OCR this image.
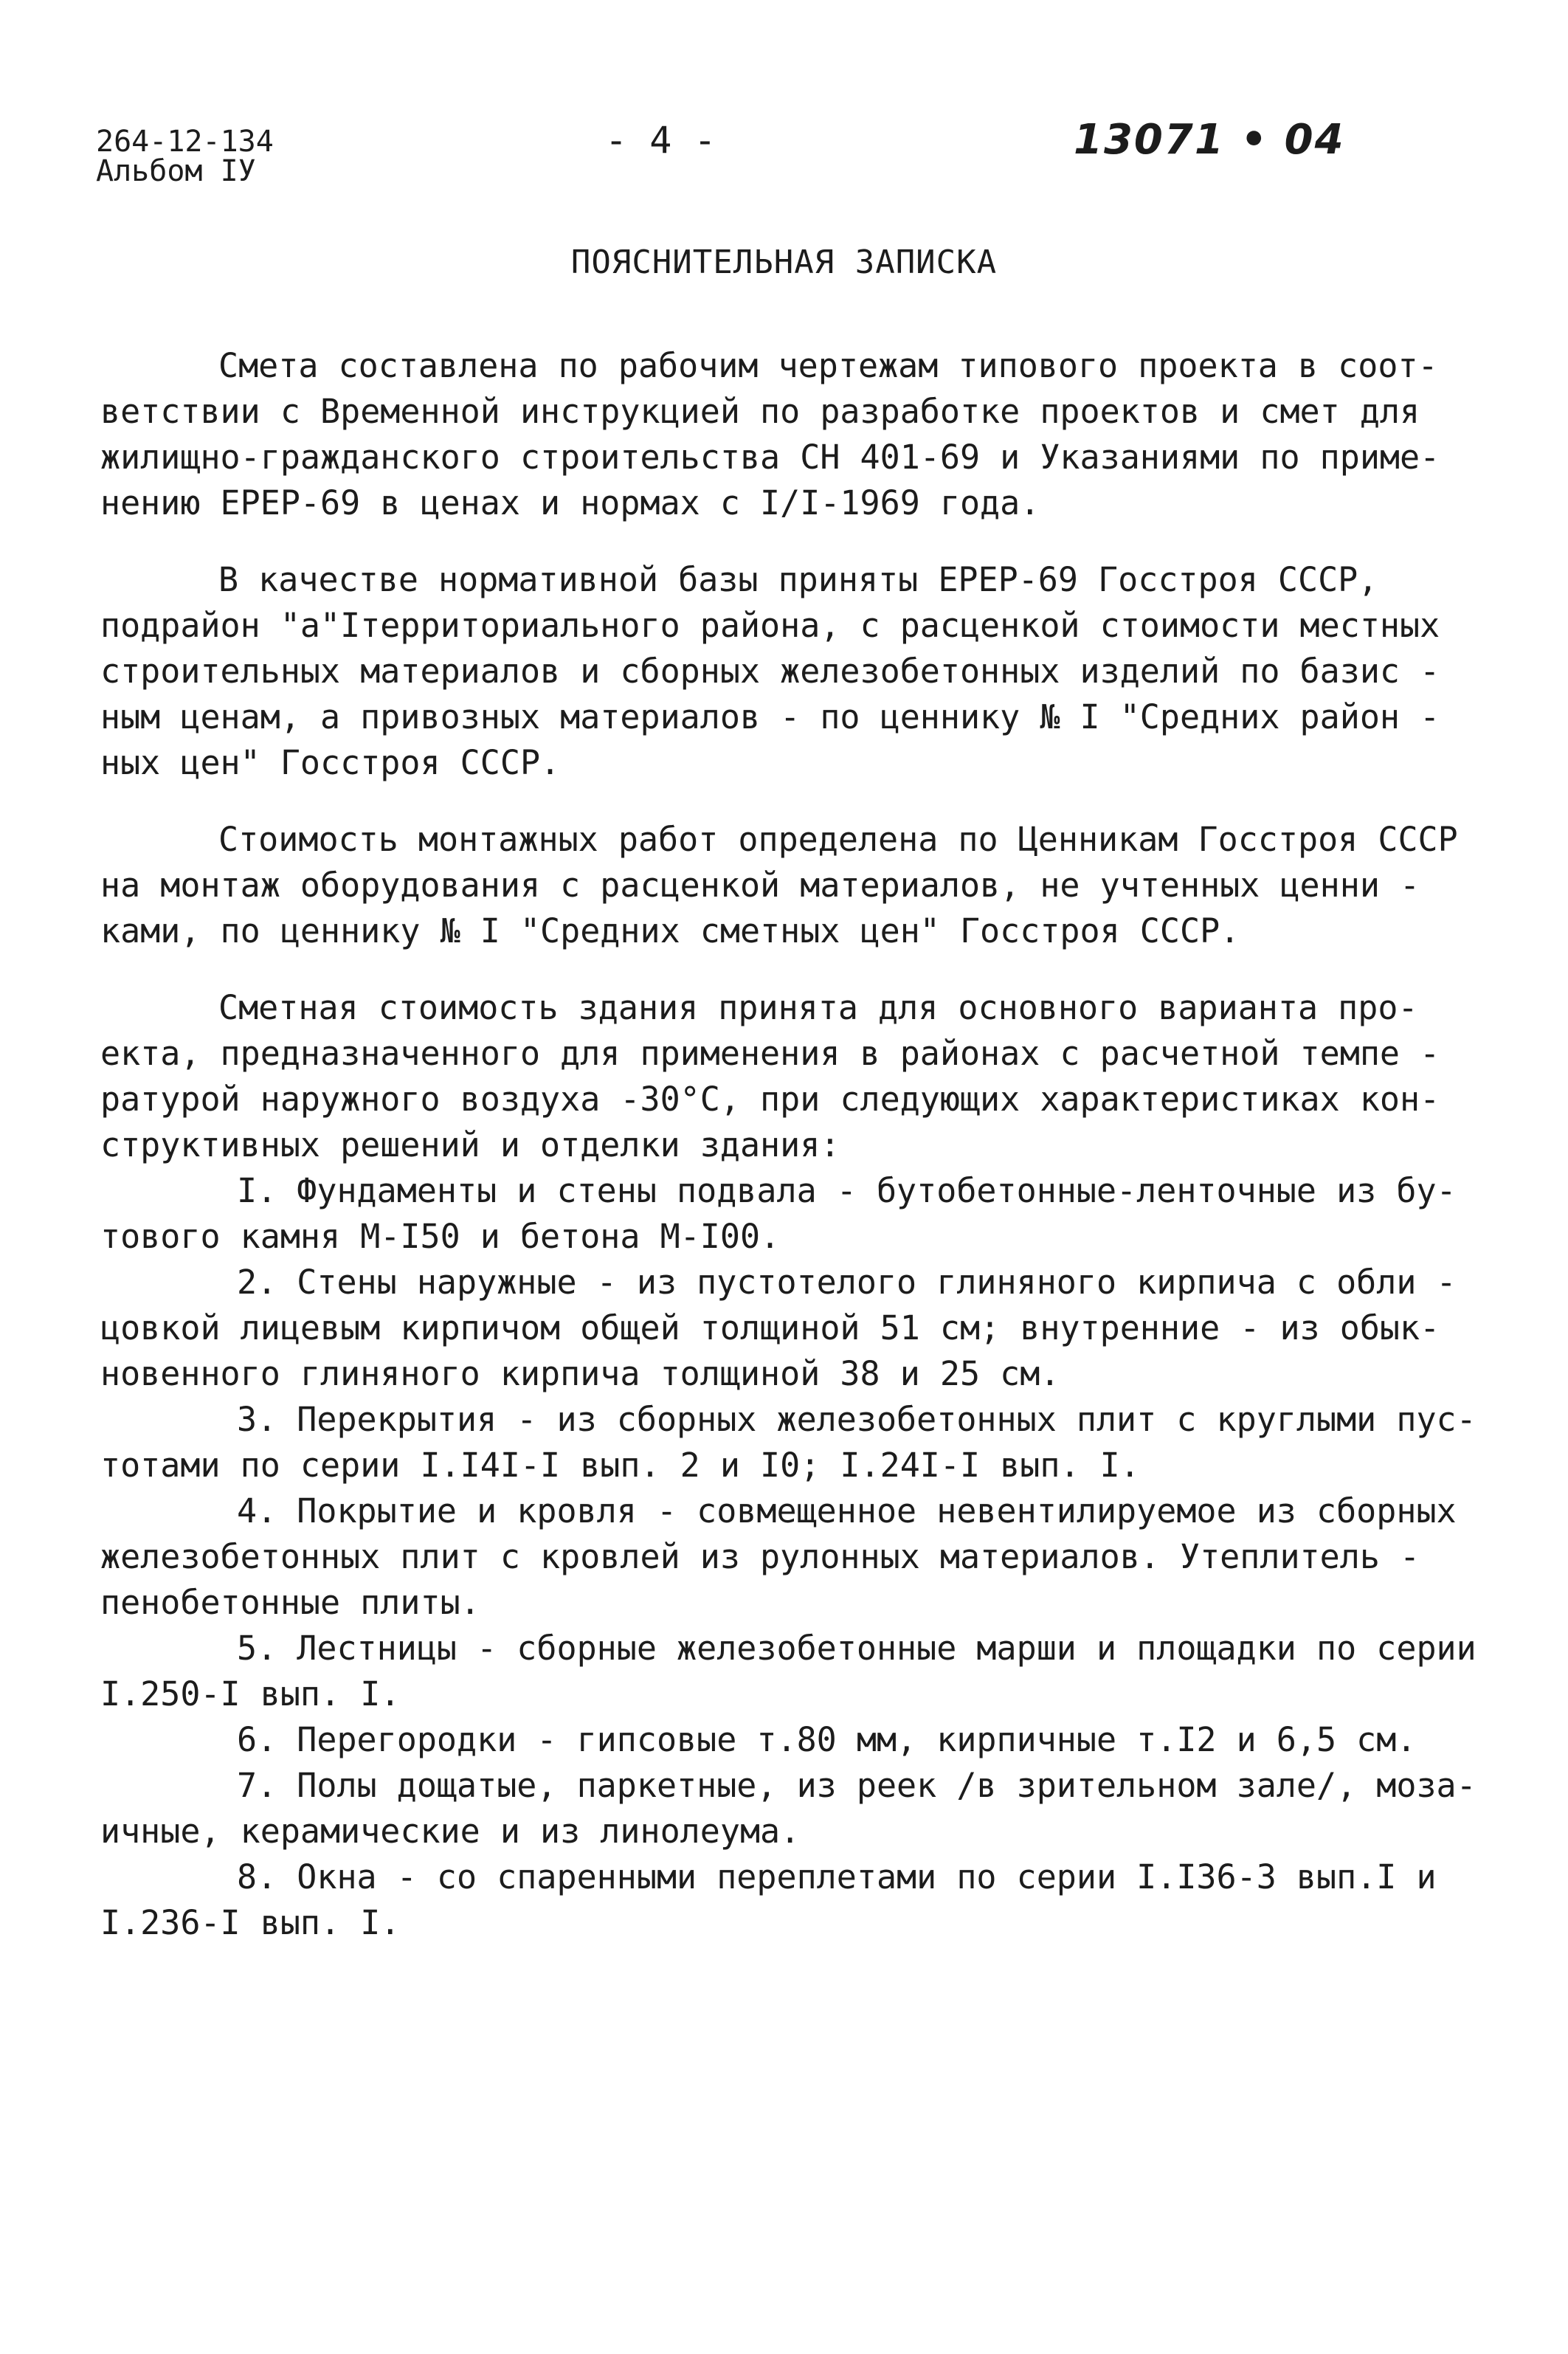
264-12-134
Альбом IУ
- 4 -	13071 • 04
ПОЯСНИТЕЛЬНАЯ ЗАПИСКА
Смета составлена по рабочим чертежам типового проекта в соот-
ветствии с Временной инструкцией по разработке проектов и смет для
жилищно-гражданского строительства СН 401-69 и Указаниями по приме-
нению ЕРЕР-69 в ценах и нормах с I/I-1969 года.
В качестве нормативной базы приняты ЕРЕР-69 Госстроя СССР,
подрайон "а"Iтерриториального района, с расценкой стоимости местных
строительных материалов и сборных железобетонных изделий по базис -
ным ценам, а привозных материалов - по ценнику № I "Средних район -
ных цен" Госстроя СССР.
Стоимость монтажных работ определена по Ценникам Госстроя СССР
на монтаж оборудования с расценкой материалов, не учтенных ценни -
ками, по ценнику № I "Средних сметных цен" Госстроя СССР.
Сметная стоимость здания принята для основного варианта про-
екта, предназначенного для применения в районах с расчетной темпе -
ратурой наружного воздуха -30°С, при следующих характеристиках кон-
структивных решений и отделки здания:
I. Фундаменты и стены подвала - бутобетонные-ленточные из бу-
тового камня М-I50 и бетона М-I00.
2. Стены наружные - из пустотелого глиняного кирпича с обли -
цовкой лицевым кирпичом общей толщиной 51 см; внутренние - из обык-
новенного глиняного кирпича толщиной 38 и 25 см.
3. Перекрытия - из сборных железобетонных плит с круглыми пус-
тотами по серии I.I4I-I вып. 2 и I0; I.24I-I вып. I.
4. Покрытие и кровля - совмещенное невентилируемое из сборных
железобетонных плит с кровлей из рулонных материалов. Утеплитель -
пенобетонные плиты.
5. Лестницы - сборные железобетонные марши и площадки по серии
I.250-I вып. I.
6. Перегородки - гипсовые т.80 мм, кирпичные т.I2 и 6,5 см.
7. Полы дощатые, паркетные, из реек /в зрительном зале/, моза-
ичные, керамические и из линолеума.
8. Окна - со спаренными переплетами по серии I.I36-3 вып.I и
I.236-I вып. I.
